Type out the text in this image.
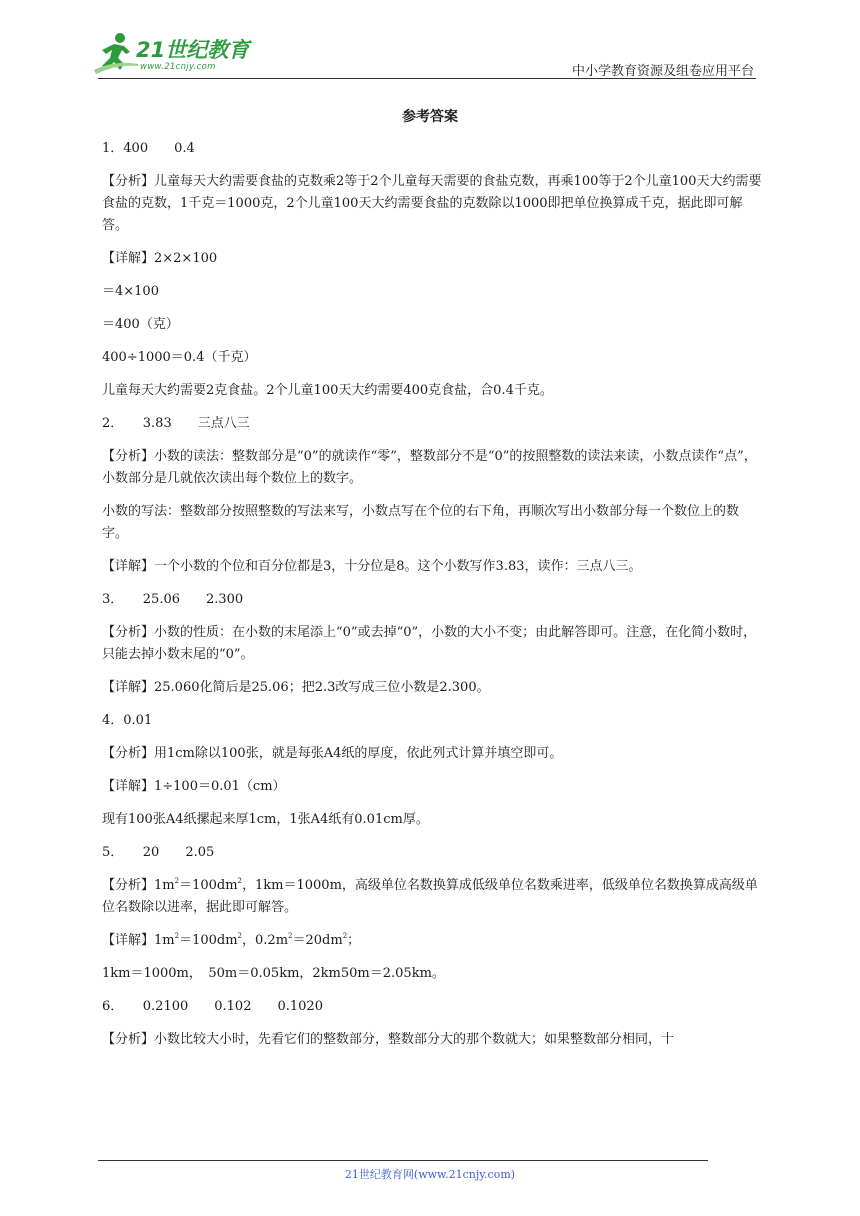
21世纪教育
www.21cnjy.com	中小学教育资源及组卷应用平台
参考答案

1．400　　0.4

【分析】儿童每天大约需要食盐的克数乘2等于2个儿童每天需要的食盐克数，再乘100等于2个儿童100天大约需要食盐的克数，1千克＝1000克，2个儿童100天大约需要食盐的克数除以1000即把单位换算成千克，据此即可解答。

【详解】2×2×100

＝4×100

＝400（克）

400÷1000＝0.4（千克）

儿童每天大约需要2克食盐。2个儿童100天大约需要400克食盐，合0.4千克。

2．　　3.83　　三点八三

【分析】小数的读法：整数部分是“0”的就读作“零”，整数部分不是“0”的按照整数的读法来读，小数点读作“点”，小数部分是几就依次读出每个数位上的数字。

小数的写法：整数部分按照整数的写法来写，小数点写在个位的右下角，再顺次写出小数部分每一个数位上的数字。

【详解】一个小数的个位和百分位都是3，十分位是8。这个小数写作3.83，读作：三点八三。

3．　　25.06　　2.300

【分析】小数的性质：在小数的末尾添上“0”或去掉“0”，小数的大小不变；由此解答即可。注意，在化简小数时，只能去掉小数末尾的“0”。

【详解】25.060化简后是25.06；把2.3改写成三位小数是2.300。

4．0.01

【分析】用1cm除以100张，就是每张A4纸的厚度，依此列式计算并填空即可。

【详解】1÷100＝0.01（cm）

现有100张A4纸摞起来厚1cm，1张A4纸有0.01cm厚。

5．　　20　　2.05

【分析】$1m^2=100dm^2$，1km＝1000m，高级单位名数换算成低级单位名数乘进率，低级单位名数换算成高级单位名数除以进率，据此即可解答。

【详解】$1m^2=100dm^2$，$0.2m^2=20dm^2$；

1km＝1000m，　50m＝0.05km，2km50m＝2.05km。

6．　　0.2100　　0.102　　0.1020

【分析】小数比较大小时，先看它们的整数部分，整数部分大的那个数就大；如果整数部分相同，十

21世纪教育网(www.21cnjy.com)
